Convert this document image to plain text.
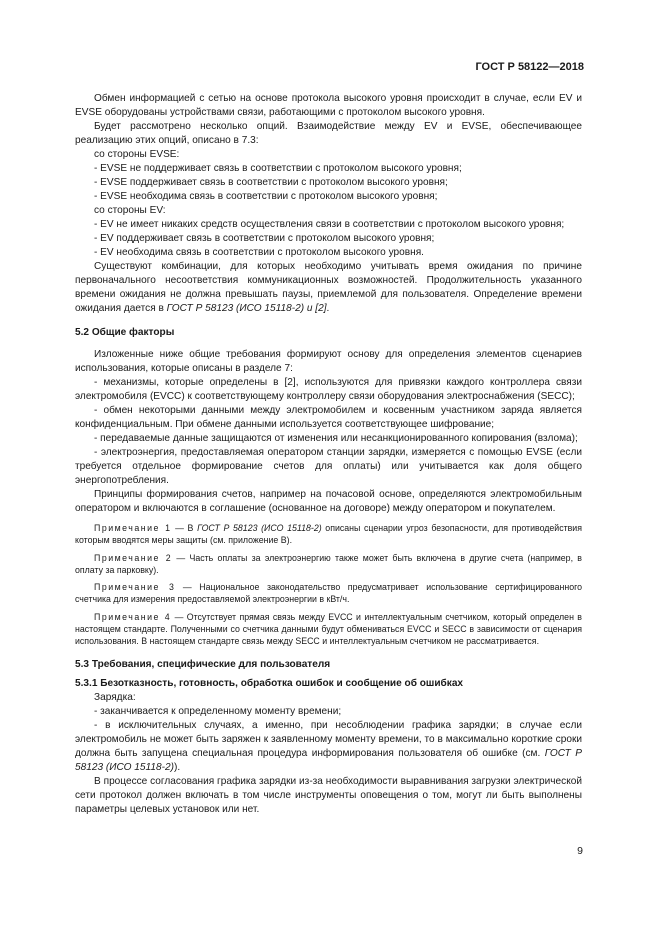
ГОСТ Р 58122—2018

Обмен информацией с сетью на основе протокола высокого уровня происходит в случае, если EV и EVSE оборудованы устройствами связи, работающими с протоколом высокого уровня.

Будет рассмотрено несколько опций. Взаимодействие между EV и EVSE, обеспечивающее реализацию этих опций, описано в 7.3:

со стороны EVSE:

- EVSE не поддерживает связь в соответствии с протоколом высокого уровня;

- EVSE поддерживает связь в соответствии с протоколом высокого уровня;

- EVSE необходима связь в соответствии с протоколом высокого уровня;

со стороны EV:

- EV не имеет никаких средств осуществления связи в соответствии с протоколом высокого уровня;

- EV поддерживает связь в соответствии с протоколом высокого уровня;

- EV необходима связь в соответствии с протоколом высокого уровня.

Существуют комбинации, для которых необходимо учитывать время ожидания по причине первоначального несоответствия коммуникационных возможностей. Продолжительность указанного времени ожидания не должна превышать паузы, приемлемой для пользователя. Определение времени ожидания дается в ГОСТ Р 58123 (ИСО 15118-2) и [2].

5.2 Общие факторы

Изложенные ниже общие требования формируют основу для определения элементов сценариев использования, которые описаны в разделе 7:

- механизмы, которые определены в [2], используются для привязки каждого контроллера связи электромобиля (EVCC) к соответствующему контроллеру связи оборудования электроснабжения (SECC);

- обмен некоторыми данными между электромобилем и косвенным участником заряда является конфиденциальным. При обмене данными используется соответствующее шифрование;

- передаваемые данные защищаются от изменения или несанкционированного копирования (взлома);

- электроэнергия, предоставляемая оператором станции зарядки, измеряется с помощью EVSE (если требуется отдельное формирование счетов для оплаты) или учитывается как доля общего энергопотребления.

Принципы формирования счетов, например на почасовой основе, определяются электромобильным оператором и включаются в соглашение (основанное на договоре) между оператором и покупателем.

Примечание 1 — В ГОСТ Р 58123 (ИСО 15118-2) описаны сценарии угроз безопасности, для противодействия которым вводятся меры защиты (см. приложение В).

Примечание 2 — Часть оплаты за электроэнергию также может быть включена в другие счета (например, в оплату за парковку).

Примечание 3 — Национальное законодательство предусматривает использование сертифицированного счетчика для измерения предоставляемой электроэнергии в кВт/ч.

Примечание 4 — Отсутствует прямая связь между EVCC и интеллектуальным счетчиком, который определен в настоящем стандарте. Полученными со счетчика данными будут обмениваться EVCC и SECC в зависимости от сценария использования. В настоящем стандарте связь между SECC и интеллектуальным счетчиком не рассматривается.

5.3 Требования, специфические для пользователя

5.3.1 Безотказность, готовность, обработка ошибок и сообщение об ошибках

Зарядка:

- заканчивается к определенному моменту времени;

- в исключительных случаях, а именно, при несоблюдении графика зарядки; в случае если электромобиль не может быть заряжен к заявленному моменту времени, то в максимально короткие сроки должна быть запущена специальная процедура информирования пользователя об ошибке (см. ГОСТ Р 58123 (ИСО 15118-2)).

В процессе согласования графика зарядки из-за необходимости выравнивания загрузки электрической сети протокол должен включать в том числе инструменты оповещения о том, могут ли быть выполнены параметры целевых установок или нет.

9
